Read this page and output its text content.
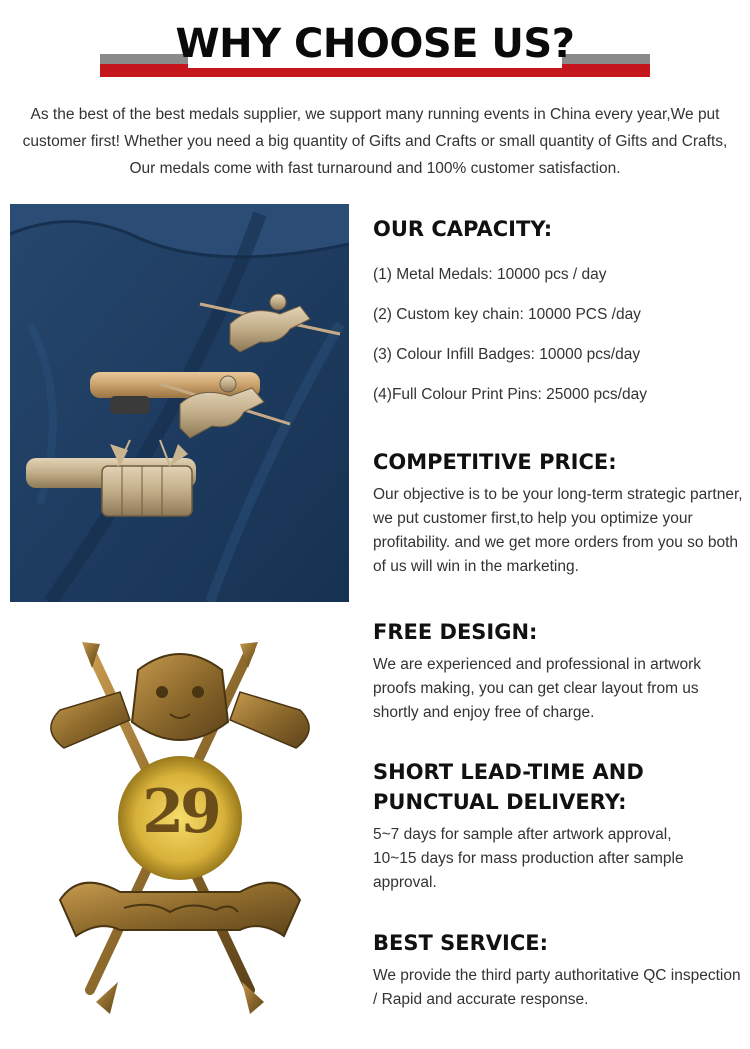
WHY CHOOSE US?

As the best of the best medals supplier, we support many running events in China every year,We put customer first! Whether you need a big quantity of Gifts and Crafts or small quantity of Gifts and Crafts, Our medals come with fast turnaround and 100% customer satisfaction.

29
OUR CAPACITY:
(1) Metal Medals: 10000 pcs / day
(2) Custom key chain: 10000 PCS /day
(3) Colour Infill Badges: 10000 pcs/day
(4)Full Colour Print Pins: 25000 pcs/day
COMPETITIVE PRICE:

Our objective is to be your long-term strategic partner, we put customer first,to help you optimize your profitability. and we get more orders from you so both of us will win in the marketing.

FREE DESIGN:

We are experienced and professional in artwork proofs making, you can get clear layout from us shortly and enjoy free of charge.

SHORT LEAD-TIME AND
PUNCTUAL DELIVERY:

5~7 days for sample after artwork approval,
10~15 days for mass production after sample approval.

BEST SERVICE:

We provide the third party authoritative QC inspection / Rapid and accurate response.
